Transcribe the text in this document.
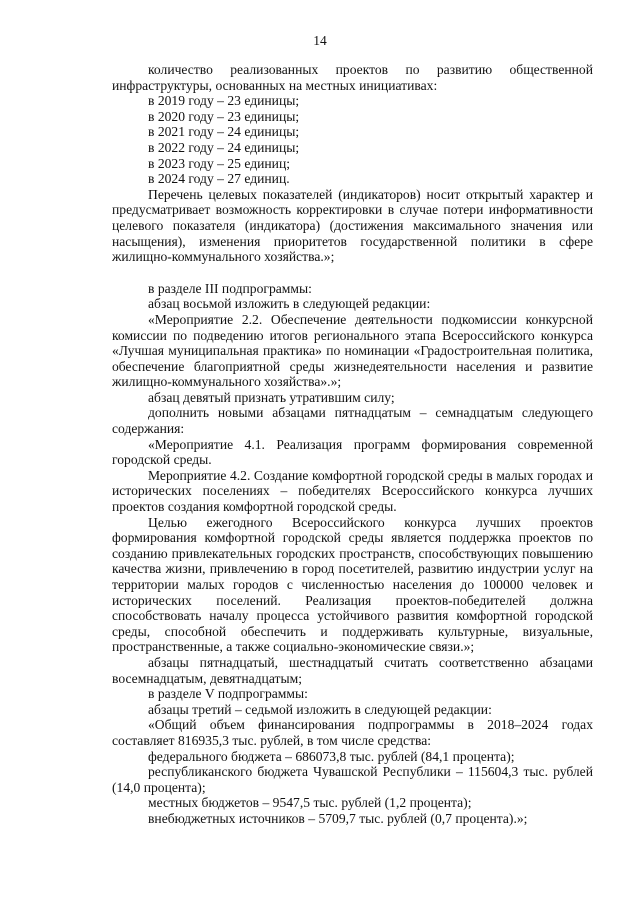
14

количество реализованных проектов по развитию общественной инфраструктуры, основанных на местных инициативах:

в 2019 году – 23 единицы;

в 2020 году – 23 единицы;

в 2021 году – 24 единицы;

в 2022 году – 24 единицы;

в 2023 году – 25 единиц;

в 2024 году – 27 единиц.

Перечень целевых показателей (индикаторов) носит открытый характер и предусматривает возможность корректировки в случае потери информативности целевого показателя (индикатора) (достижения максимального значения или насыщения), изменения приоритетов государственной политики в сфере жилищно-коммунального хозяйства.»;

в разделе III подпрограммы:

абзац восьмой изложить в следующей редакции:

«Мероприятие 2.2. Обеспечение деятельности подкомиссии конкурсной комиссии по подведению итогов регионального этапа Всероссийского конкурса «Лучшая муниципальная практика» по номинации «Градостроительная политика, обеспечение благоприятной среды жизнедеятельности населения и развитие жилищно-коммунального хозяйства».»;

абзац девятый признать утратившим силу;

дополнить новыми абзацами пятнадцатым – семнадцатым следующего содержания:

«Мероприятие 4.1. Реализация программ формирования современной городской среды.

Мероприятие 4.2. Создание комфортной городской среды в малых городах и исторических поселениях – победителях Всероссийского конкурса лучших проектов создания комфортной городской среды.

Целью ежегодного Всероссийского конкурса лучших проектов формирования комфортной городской среды является поддержка проектов по созданию привлекательных городских пространств, способствующих повышению качества жизни, привлечению в город посетителей, развитию индустрии услуг на территории малых городов с численностью населения до 100000 человек и исторических поселений. Реализация проектов-победителей должна способствовать началу процесса устойчивого развития комфортной городской среды, способной обеспечить и поддерживать культурные, визуальные, пространственные, а также социально-экономические связи.»;

абзацы пятнадцатый, шестнадцатый считать соответственно абзацами восемнадцатым, девятнадцатым;

в разделе V подпрограммы:

абзацы третий – седьмой изложить в следующей редакции:

«Общий объем финансирования подпрограммы в 2018–2024 годах составляет 816935,3 тыс. рублей, в том числе средства:

федерального бюджета – 686073,8 тыс. рублей (84,1 процента);

республиканского бюджета Чувашской Республики – 115604,3 тыс. рублей (14,0 процента);

местных бюджетов – 9547,5 тыс. рублей (1,2 процента);

внебюджетных источников – 5709,7 тыс. рублей (0,7 процента).»;
